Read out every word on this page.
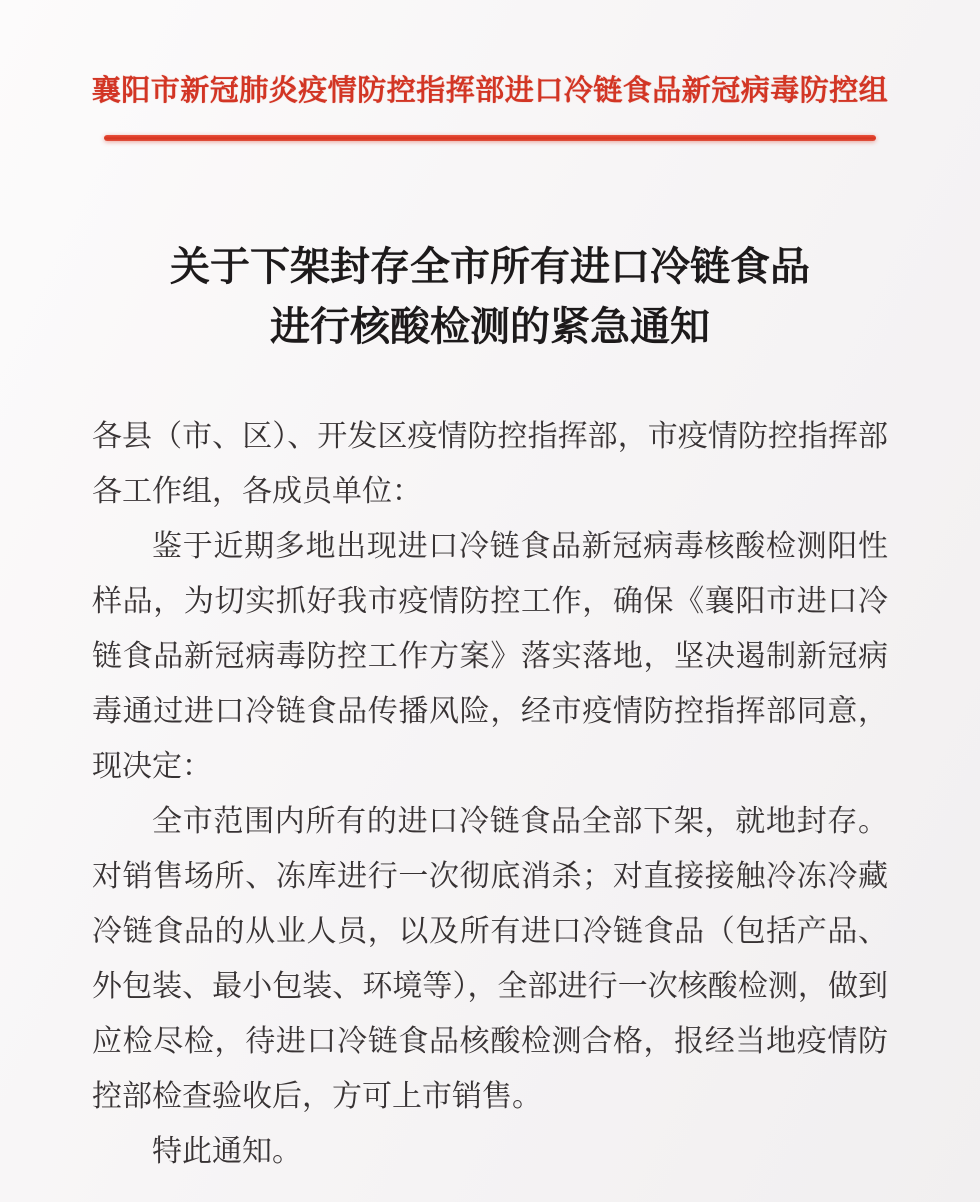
襄阳市新冠肺炎疫情防控指挥部进口冷链食品新冠病毒防控组
关于下架封存全市所有进口冷链食品
进行核酸检测的紧急通知

各县（市、区）、开发区疫情防控指挥部，市疫情防控指挥部各工作组，各成员单位：

鉴于近期多地出现进口冷链食品新冠病毒核酸检测阳性样品，为切实抓好我市疫情防控工作，确保《襄阳市进口冷链食品新冠病毒防控工作方案》落实落地，坚决遏制新冠病毒通过进口冷链食品传播风险，经市疫情防控指挥部同意，现决定：

全市范围内所有的进口冷链食品全部下架，就地封存。对销售场所、冻库进行一次彻底消杀；对直接接触冷冻冷藏冷链食品的从业人员，以及所有进口冷链食品（包括产品、外包装、最小包装、环境等），全部进行一次核酸检测，做到应检尽检，待进口冷链食品核酸检测合格，报经当地疫情防控部检查验收后，方可上市销售。

特此通知。
